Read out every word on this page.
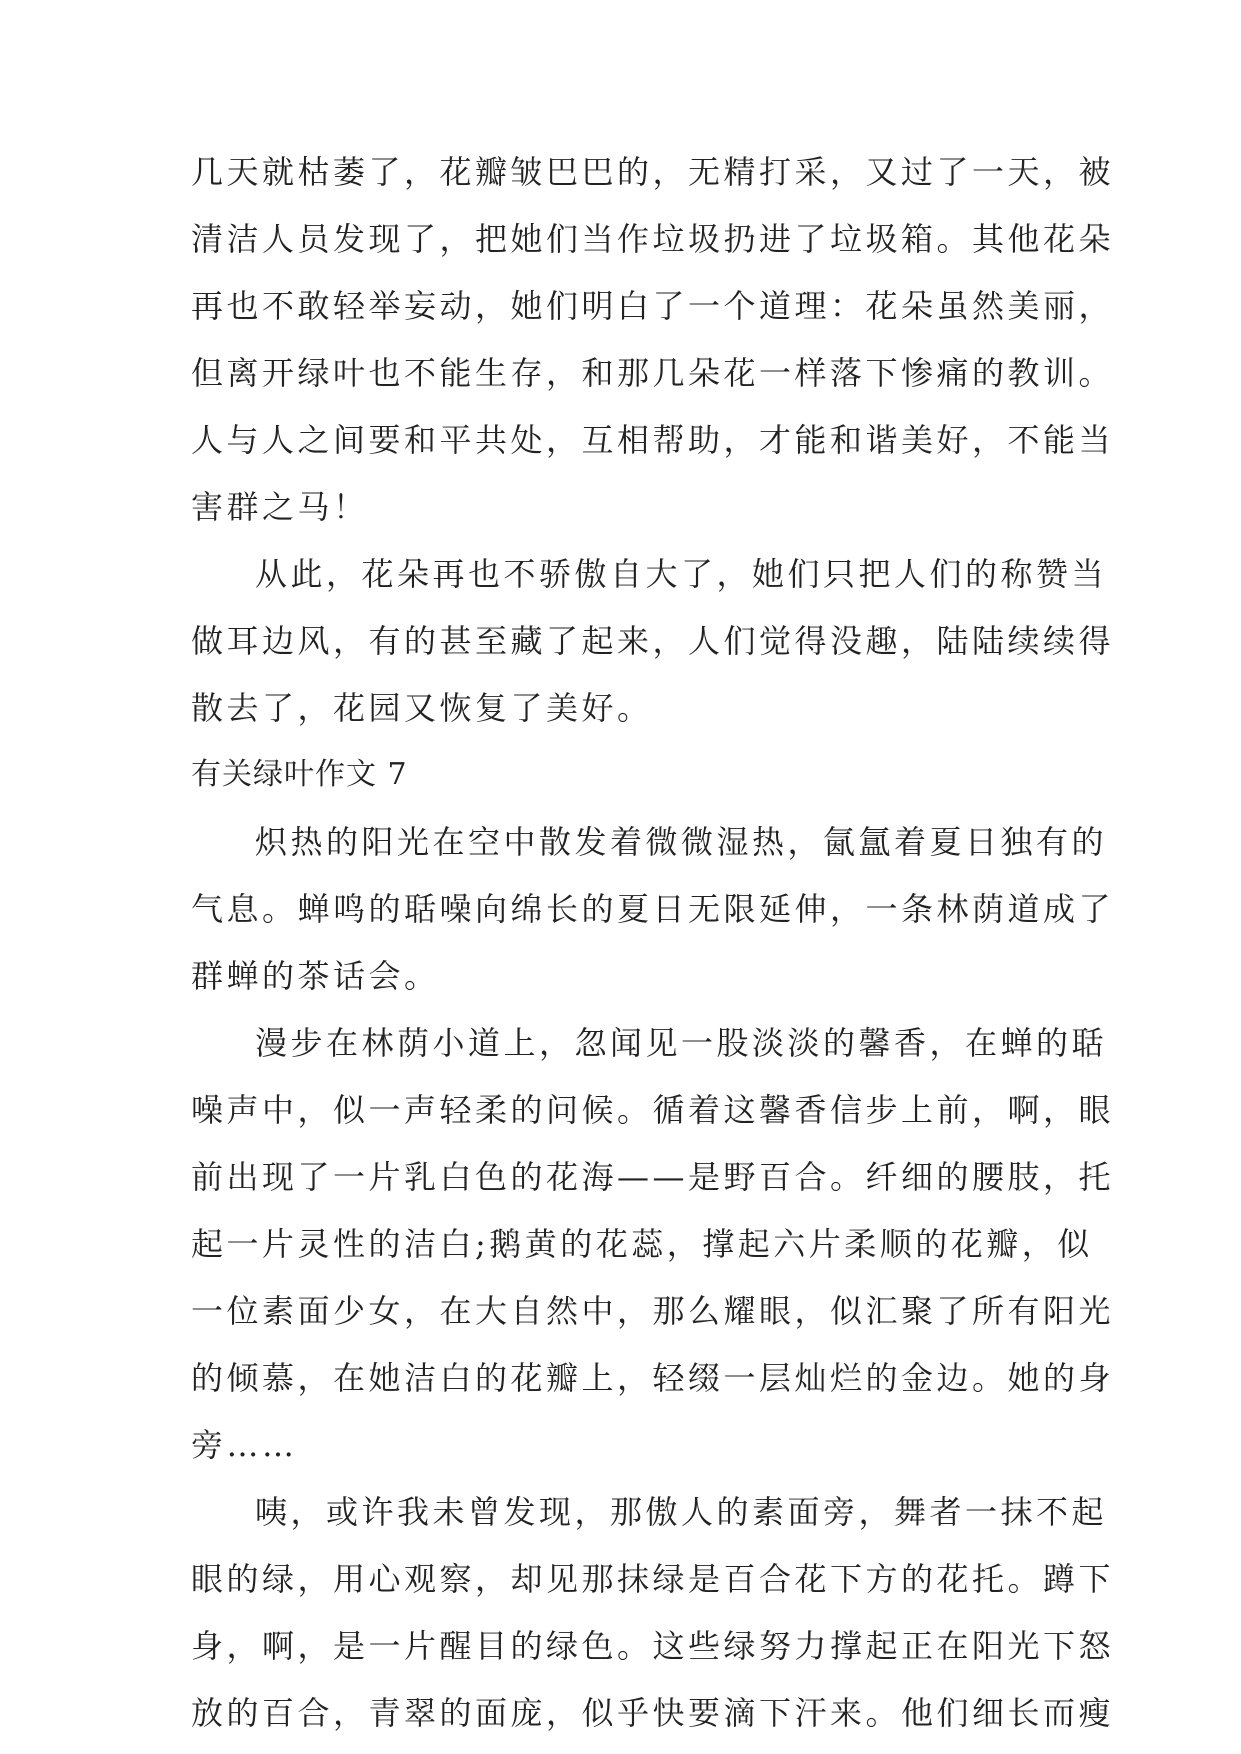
几天就枯萎了，花瓣皱巴巴的，无精打采，又过了一天，被
清洁人员发现了，把她们当作垃圾扔进了垃圾箱。其他花朵
再也不敢轻举妄动，她们明白了一个道理：花朵虽然美丽，
但离开绿叶也不能生存，和那几朵花一样落下惨痛的教训。
人与人之间要和平共处，互相帮助，才能和谐美好，不能当
害群之马！
从此，花朵再也不骄傲自大了，她们只把人们的称赞当
做耳边风，有的甚至藏了起来，人们觉得没趣，陆陆续续得
散去了，花园又恢复了美好。
有关绿叶作文 7
炽热的阳光在空中散发着微微湿热，氤氲着夏日独有的
气息。蝉鸣的聒噪向绵长的夏日无限延伸，一条林荫道成了
群蝉的茶话会。
漫步在林荫小道上，忽闻见一股淡淡的馨香，在蝉的聒
噪声中，似一声轻柔的问候。循着这馨香信步上前，啊，眼
前出现了一片乳白色的花海——是野百合。纤细的腰肢，托
起一片灵性的洁白;鹅黄的花蕊，撑起六片柔顺的花瓣，似
一位素面少女，在大自然中，那么耀眼，似汇聚了所有阳光
的倾慕，在她洁白的花瓣上，轻缀一层灿烂的金边。她的身
旁……
咦，或许我未曾发现，那傲人的素面旁，舞者一抹不起
眼的绿，用心观察，却见那抹绿是百合花下方的花托。蹲下
身，啊，是一片醒目的绿色。这些绿努力撑起正在阳光下怒
放的百合，青翠的面庞，似乎快要滴下汗来。他们细长而瘦
